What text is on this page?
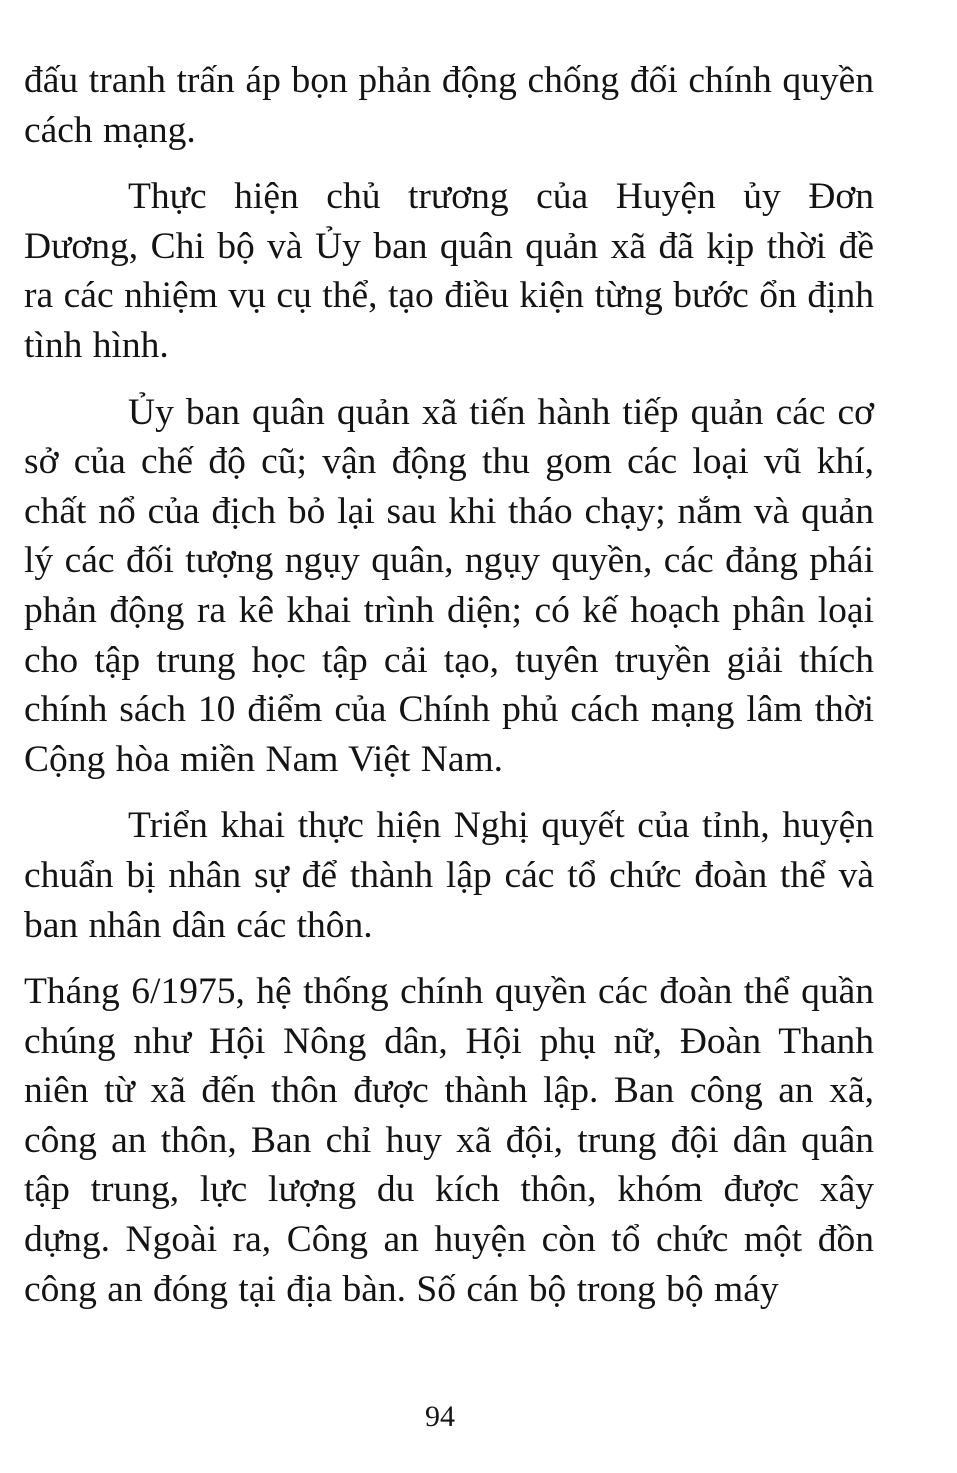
đấu tranh trấn áp bọn phản động chống đối chính quyền cách mạng.

Thực hiện chủ trương của Huyện ủy Đơn Dương, Chi bộ và Ủy ban quân quản xã đã kịp thời đề ra các nhiệm vụ cụ thể, tạo điều kiện từng bước ổn định tình hình.

Ủy ban quân quản xã tiến hành tiếp quản các cơ sở của chế độ cũ; vận động thu gom các loại vũ khí, chất nổ của địch bỏ lại sau khi tháo chạy; nắm và quản lý các đối tượng ngụy quân, ngụy quyền, các đảng phái phản động ra kê khai trình diện; có kế hoạch phân loại cho tập trung học tập cải tạo, tuyên truyền giải thích chính sách 10 điểm của Chính phủ cách mạng lâm thời Cộng hòa miền Nam Việt Nam.

Triển khai thực hiện Nghị quyết của tỉnh, huyện chuẩn bị nhân sự để thành lập các tổ chức đoàn thể và ban nhân dân các thôn.

Tháng 6/1975, hệ thống chính quyền các đoàn thể quần chúng như Hội Nông dân, Hội phụ nữ, Đoàn Thanh niên từ xã đến thôn được thành lập. Ban công an xã, công an thôn, Ban chỉ huy xã đội, trung đội dân quân tập trung, lực lượng du kích thôn, khóm được xây dựng. Ngoài ra, Công an huyện còn tổ chức một đồn công an đóng tại địa bàn. Số cán bộ trong bộ máy

94
